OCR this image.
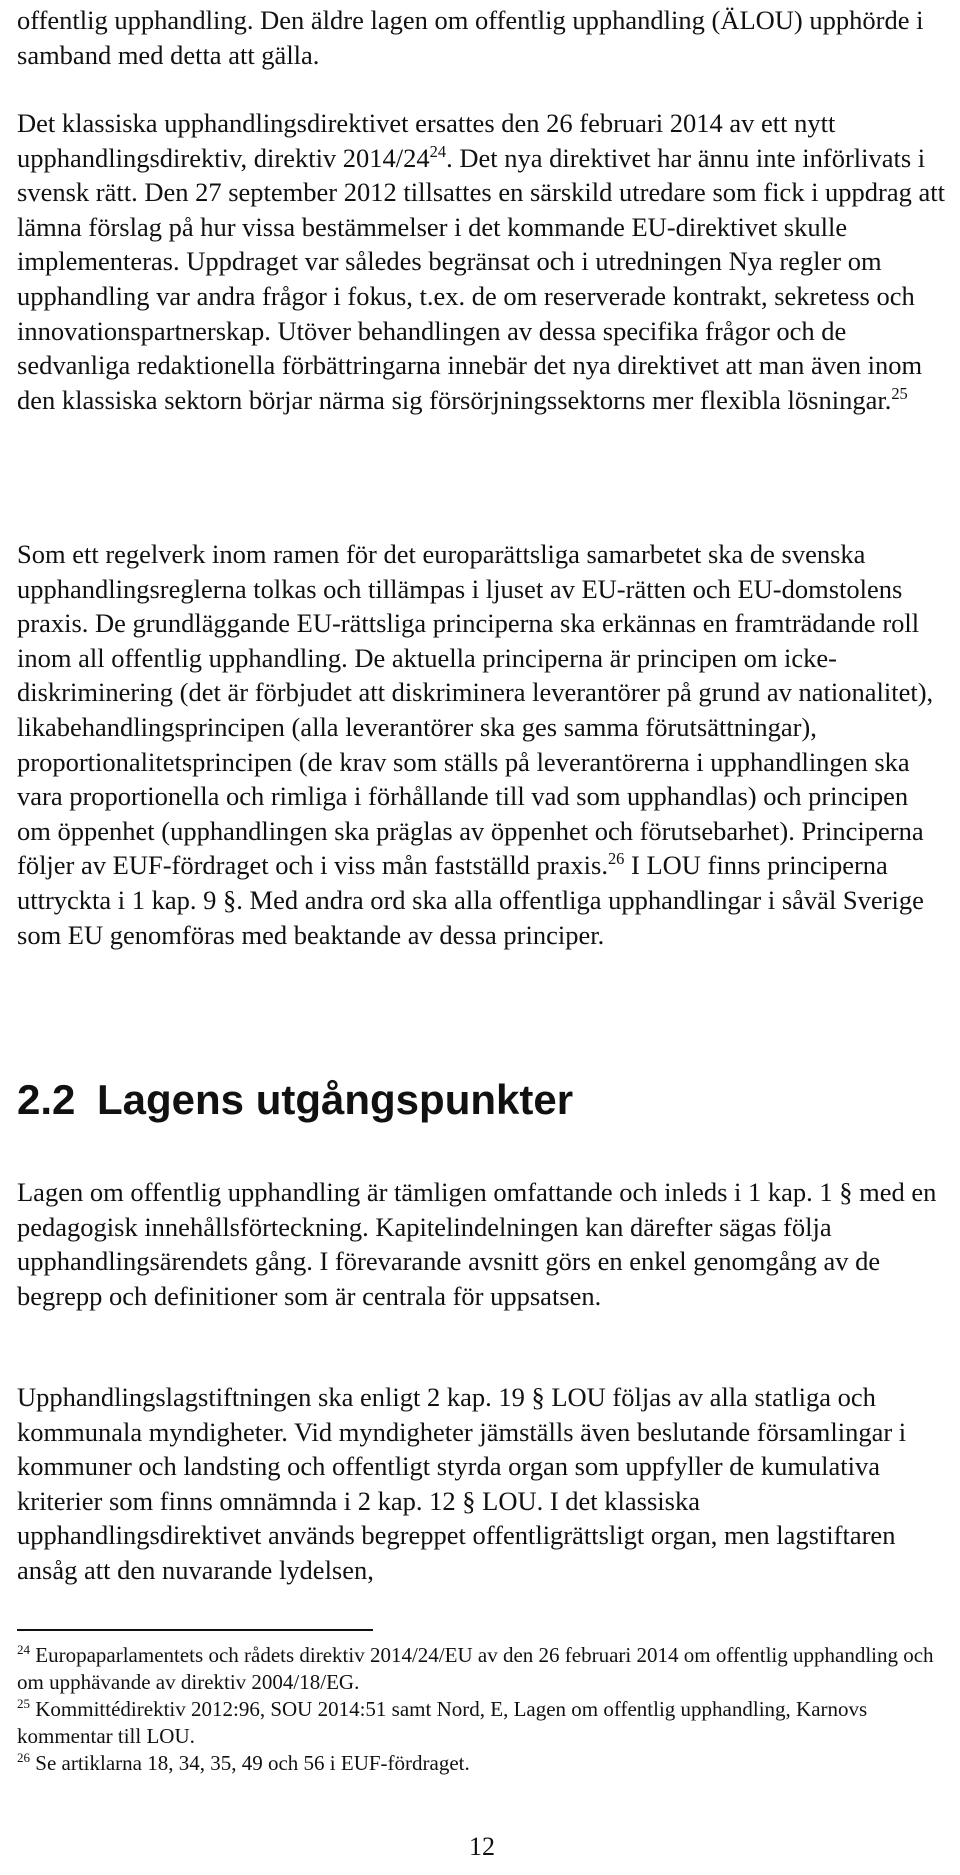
offentlig upphandling. Den äldre lagen om offentlig upphandling (ÄLOU) upphörde i samband med detta att gälla.

Det klassiska upphandlingsdirektivet ersattes den 26 februari 2014 av ett nytt upphandlingsdirektiv, direktiv $2014/24^{24}$. Det nya direktivet har ännu inte införlivats i svensk rätt. Den 27 september 2012 tillsattes en särskild utredare som fick i uppdrag att lämna förslag på hur vissa bestämmelser i det kommande EU-direktivet skulle implementeras. Uppdraget var således begränsat och i utredningen Nya regler om upphandling var andra frågor i fokus, t.ex. de om reserverade kontrakt, sekretess och innovationspartnerskap. Utöver behandlingen av dessa specifika frågor och de sedvanliga redaktionella förbättringarna innebär det nya direktivet att man även inom den klassiska sektorn börjar närma sig försörjningssektorns mer flexibla lösningar.$^{25}$

Som ett regelverk inom ramen för det europarättsliga samarbetet ska de svenska upphandlingsreglerna tolkas och tillämpas i ljuset av EU-rätten och EU-domstolens praxis. De grundläggande EU-rättsliga principerna ska erkännas en framträdande roll inom all offentlig upphandling. De aktuella principerna är principen om icke-diskriminering (det är förbjudet att diskriminera leverantörer på grund av nationalitet), likabehandlingsprincipen (alla leverantörer ska ges samma förutsättningar), proportionalitetsprincipen (de krav som ställs på leverantörerna i upphandlingen ska vara proportionella och rimliga i förhållande till vad som upphandlas) och principen om öppenhet (upphandlingen ska präglas av öppenhet och förutsebarhet). Principerna följer av EUF-fördraget och i viss mån fastställd praxis.$^{26}$ I LOU finns principerna uttryckta i 1 kap. 9 §. Med andra ord ska alla offentliga upphandlingar i såväl Sverige som EU genomföras med beaktande av dessa principer.

2.2 Lagens utgångspunkter

Lagen om offentlig upphandling är tämligen omfattande och inleds i 1 kap. 1 § med en pedagogisk innehållsförteckning. Kapitelindelningen kan därefter sägas följa upphandlingsärendets gång. I förevarande avsnitt görs en enkel genomgång av de begrepp och definitioner som är centrala för uppsatsen.

Upphandlingslagstiftningen ska enligt 2 kap. 19 § LOU följas av alla statliga och kommunala myndigheter. Vid myndigheter jämställs även beslutande församlingar i kommuner och landsting och offentligt styrda organ som uppfyller de kumulativa kriterier som finns omnämnda i 2 kap. 12 § LOU. I det klassiska upphandlingsdirektivet används begreppet offentligrättsligt organ, men lagstiftaren ansåg att den nuvarande lydelsen,

$^{24}$ Europaparlamentets och rådets direktiv 2014/24/EU av den 26 februari 2014 om offentlig upphandling och om upphävande av direktiv 2004/18/EG.

$^{25}$ Kommittédirektiv 2012:96, SOU 2014:51 samt Nord, E, Lagen om offentlig upphandling, Karnovs kommentar till LOU.

$^{26}$ Se artiklarna 18, 34, 35, 49 och 56 i EUF-fördraget.

12
